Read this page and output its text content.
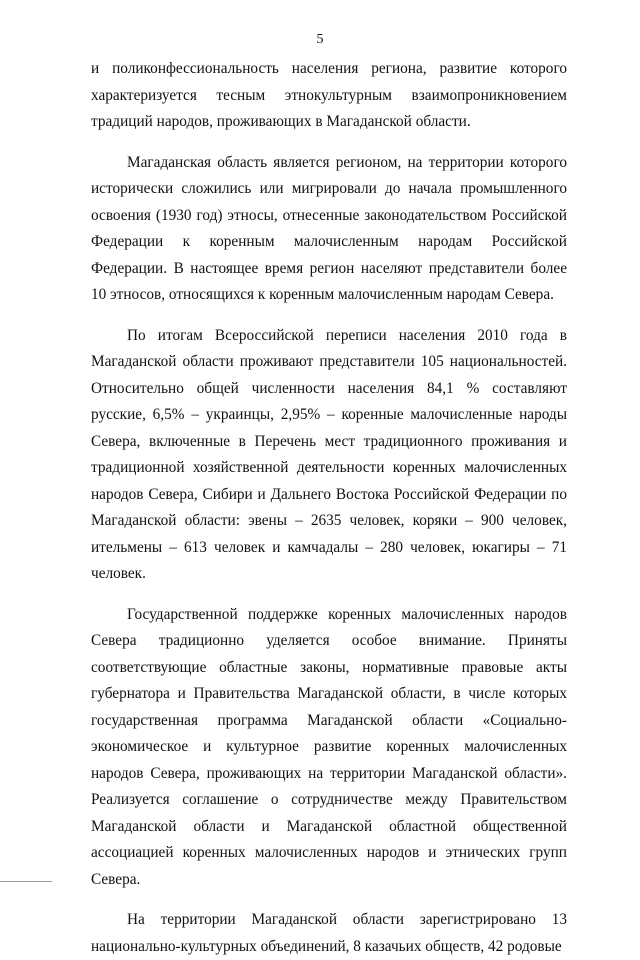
5

и поликонфессиональность населения региона, развитие которого характеризуется тесным этнокультурным взаимопроникновением традиций народов, проживающих в Магаданской области.

Магаданская область является регионом, на территории которого исторически сложились или мигрировали до начала промышленного освоения (1930 год) этносы, отнесенные законодательством Российской Федерации к коренным малочисленным народам Российской Федерации. В настоящее время регион населяют представители более 10 этносов, относящихся к коренным малочисленным народам Севера.

По итогам Всероссийской переписи населения 2010 года в Магаданской области проживают представители 105 национальностей. Относительно общей численности населения 84,1 % составляют русские, 6,5% – украинцы, 2,95% – коренные малочисленные народы Севера, включенные в Перечень мест традиционного проживания и традиционной хозяйственной деятельности коренных малочисленных народов Севера, Сибири и Дальнего Востока Российской Федерации по Магаданской области: эвены – 2635 человек, коряки – 900 человек, ительмены – 613 человек и камчадалы – 280 человек, юкагиры – 71 человек.

Государственной поддержке коренных малочисленных народов Севера традиционно уделяется особое внимание. Приняты соответствующие областные законы, нормативные правовые акты губернатора и Правительства Магаданской области, в числе которых государственная программа Магаданской области «Социально-экономическое и культурное развитие коренных малочисленных народов Севера, проживающих на территории Магаданской области». Реализуется соглашение о сотрудничестве между Правительством Магаданской области и Магаданской областной общественной ассоциацией коренных малочисленных народов и этнических групп Севера.

На территории Магаданской области зарегистрировано 13 национально-культурных объединений, 8 казачьих обществ, 42 родовые
